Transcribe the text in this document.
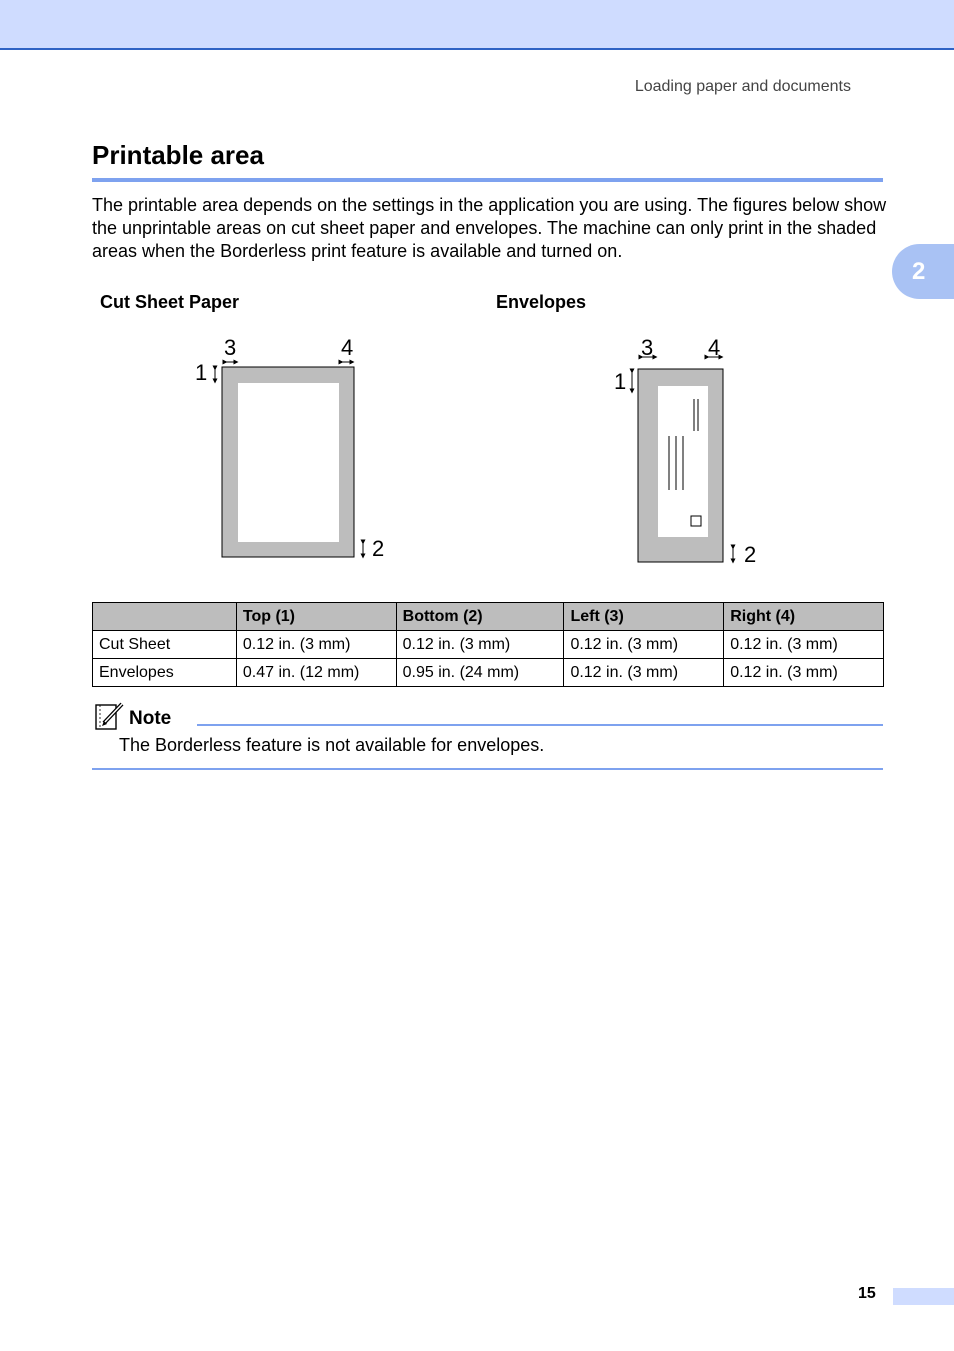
Loading paper and documents
2
Printable area

The printable area depends on the settings in the application you are using. The figures below show the unprintable areas on cut sheet paper and envelopes. The machine can only print in the shaded areas when the Borderless print feature is available and turned on.

Cut Sheet Paper	Envelopes
3	4
1
2
3 4
1
2
	Top (1)	Bottom (2)	Left (3)	Right (4)
Cut Sheet	0.12 in. (3 mm)	0.12 in. (3 mm)	0.12 in. (3 mm)	0.12 in. (3 mm)
Envelopes	0.47 in. (12 mm)	0.95 in. (24 mm)	0.12 in. (3 mm)	0.12 in. (3 mm)
Note
The Borderless feature is not available for envelopes.
15
